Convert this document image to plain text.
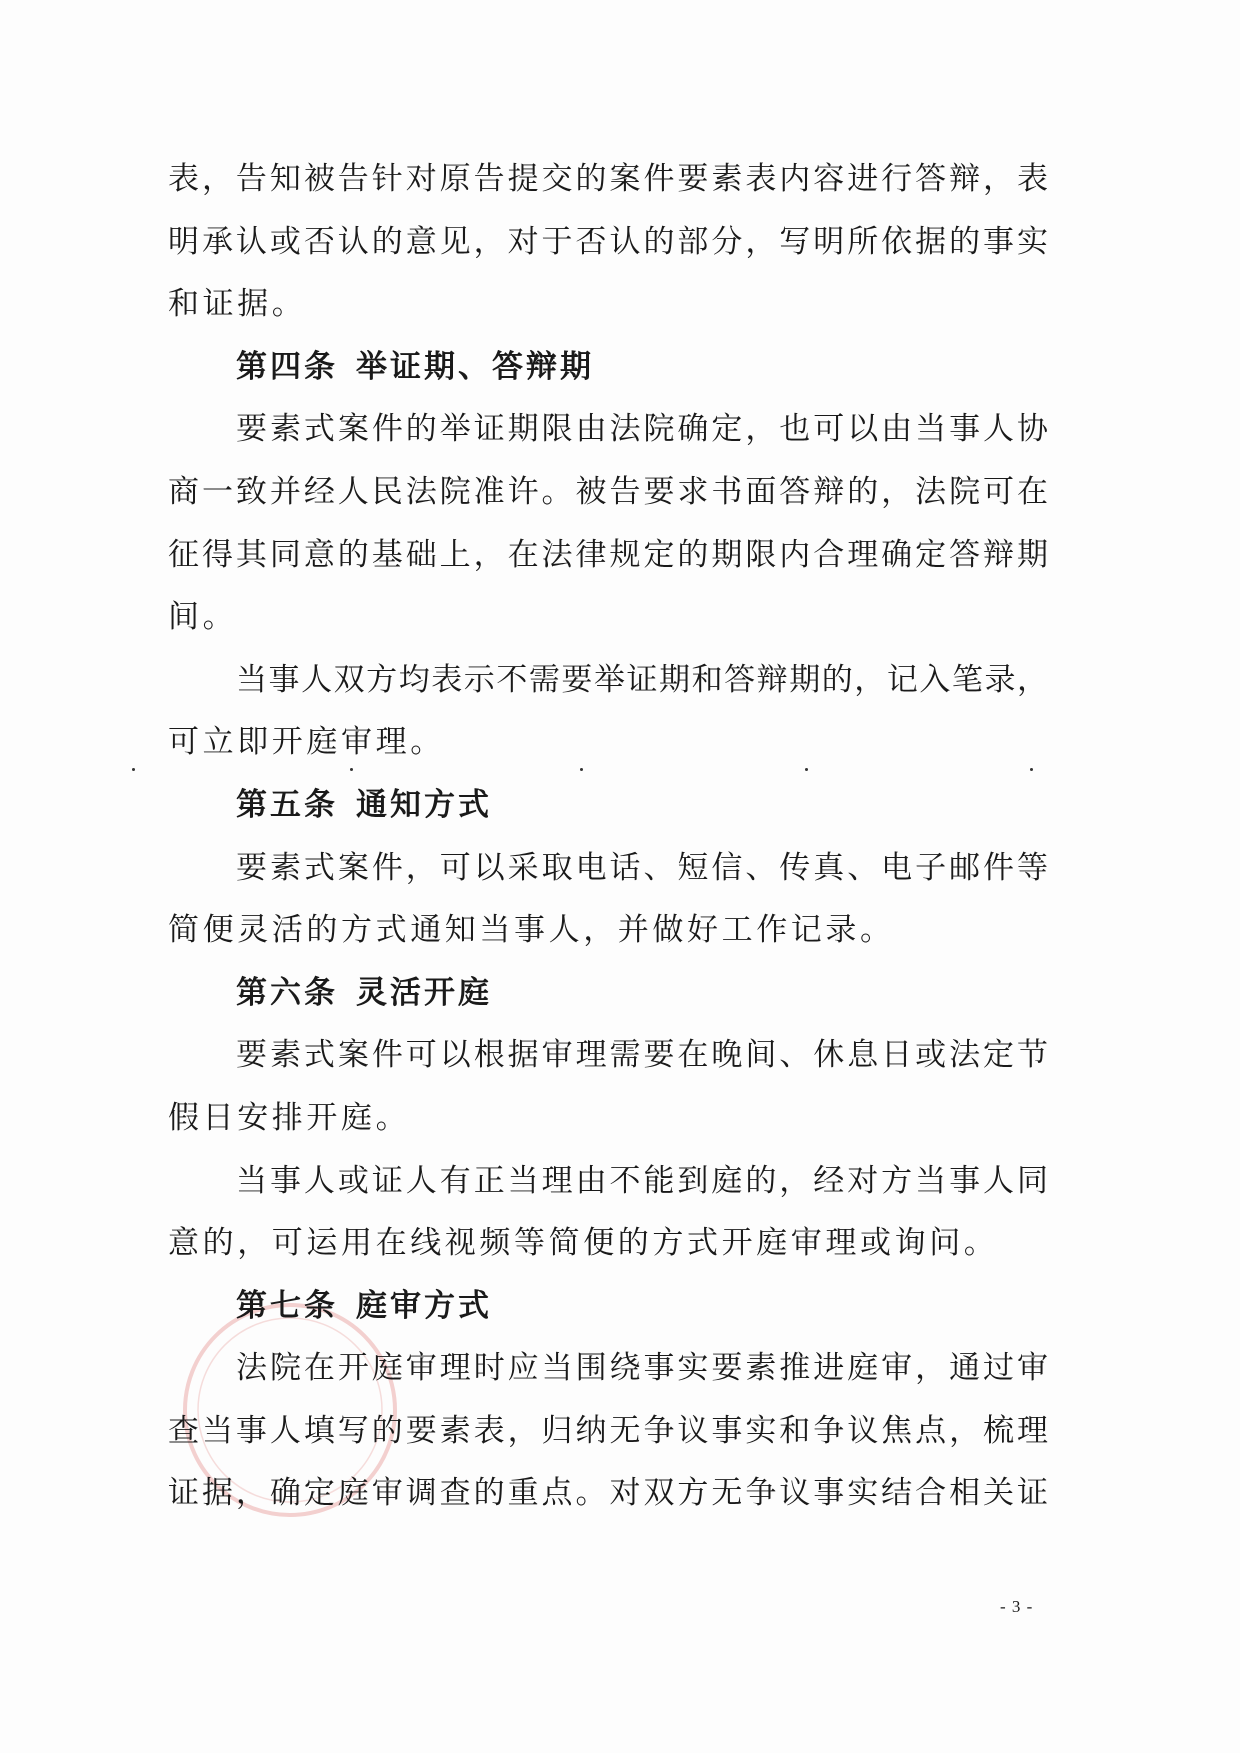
表，告知被告针对原告提交的案件要素表内容进行答辩，表
明承认或否认的意见，对于否认的部分，写明所依据的事实
和证据。
第四条 举证期、答辩期
要素式案件的举证期限由法院确定，也可以由当事人协
商一致并经人民法院准许。被告要求书面答辩的，法院可在
征得其同意的基础上，在法律规定的期限内合理确定答辩期
间。
当事人双方均表示不需要举证期和答辩期的，记入笔录，
可立即开庭审理。
第五条 通知方式
要素式案件，可以采取电话、短信、传真、电子邮件等
简便灵活的方式通知当事人，并做好工作记录。
第六条 灵活开庭
要素式案件可以根据审理需要在晚间、休息日或法定节
假日安排开庭。
当事人或证人有正当理由不能到庭的，经对方当事人同
意的，可运用在线视频等简便的方式开庭审理或询问。
第七条 庭审方式
法院在开庭审理时应当围绕事实要素推进庭审，通过审
查当事人填写的要素表，归纳无争议事实和争议焦点，梳理
证据，确定庭审调查的重点。对双方无争议事实结合相关证
- 3 -
